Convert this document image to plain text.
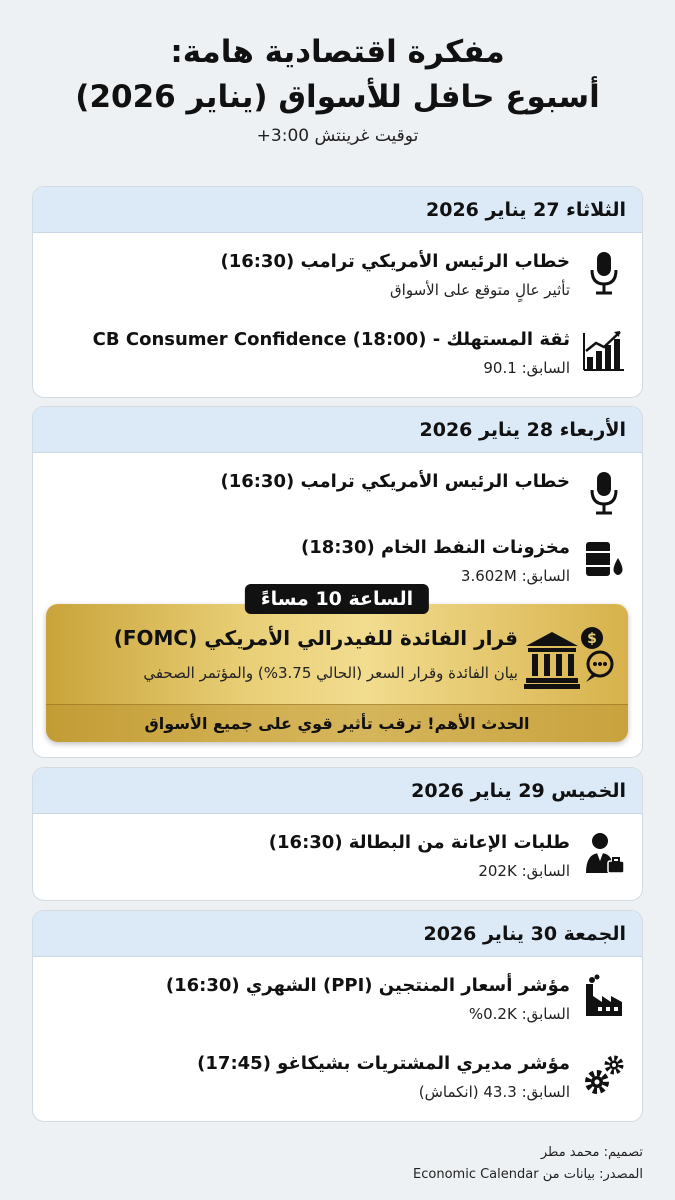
مفكرة اقتصادية هامة:
أسبوع حافل للأسواق (يناير 2026)
توقيت غرينتش 3:00+
الثلاثاء 27 يناير 2026
خطاب الرئيس الأمريكي ترامب (16:30)
تأثير عالٍ متوقع على الأسواق
ثقة المستهلك - CB Consumer Confidence (18:00)
السابق: 90.1
الأربعاء 28 يناير 2026
خطاب الرئيس الأمريكي ترامب (16:30)
مخزونات النفط الخام (18:30)
السابق: 3.602M
الساعة 10 مساءً
$
قرار الفائدة للفيدرالي الأمريكي (FOMC)
بيان الفائدة وقرار السعر (الحالي 3.75%) والمؤتمر الصحفي
الحدث الأهم! ترقب تأثير قوي على جميع الأسواق
الخميس 29 يناير 2026
طلبات الإعانة من البطالة (16:30)
السابق: 202K
الجمعة 30 يناير 2026
مؤشر أسعار المنتجين (PPI) الشهري (16:30)
السابق: 0.2K%
مؤشر مديري المشتريات بشيكاغو (17:45)
السابق: 43.3 (انكماش)
تصميم: محمد مطر
المصدر: بيانات من Economic Calendar
